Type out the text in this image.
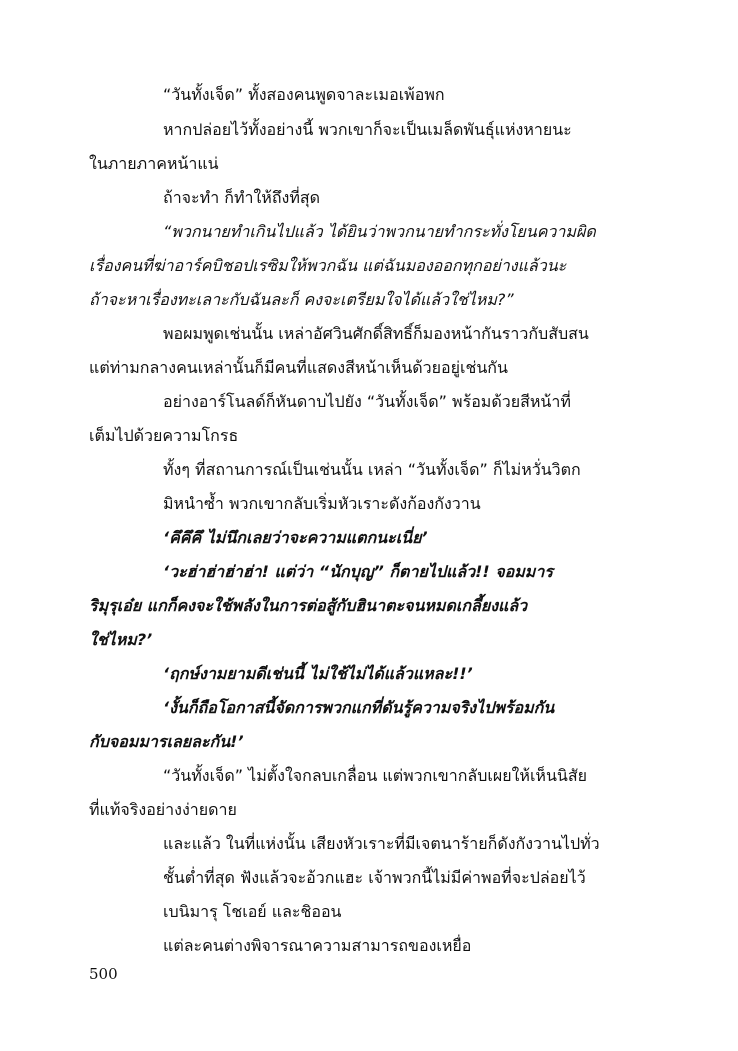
“วันทั้งเจ็ด” ทั้งสองคนพูดจาละเมอเพ้อพก
หากปล่อยไว้ทั้งอย่างนี้ พวกเขาก็จะเป็นเมล็ดพันธุ์แห่งหายนะ
ในภายภาคหน้าแน่
ถ้าจะทำ ก็ทำให้ถึงที่สุด
“พวกนายทำเกินไปแล้ว ได้ยินว่าพวกนายทำกระทั่งโยนความผิด
เรื่องคนที่ฆ่าอาร์คบิชอปเรซิมให้พวกฉัน แต่ฉันมองออกทุกอย่างแล้วนะ
ถ้าจะหาเรื่องทะเลาะกับฉันละก็ คงจะเตรียมใจได้แล้วใช่ไหม?”
พอผมพูดเช่นนั้น เหล่าอัศวินศักดิ์สิทธิ์ก็มองหน้ากันราวกับสับสน
แต่ท่ามกลางคนเหล่านั้นก็มีคนที่แสดงสีหน้าเห็นด้วยอยู่เช่นกัน
อย่างอาร์โนลด์ก็หันดาบไปยัง “วันทั้งเจ็ด” พร้อมด้วยสีหน้าที่
เต็มไปด้วยความโกรธ
ทั้งๆ ที่สถานการณ์เป็นเช่นนั้น เหล่า “วันทั้งเจ็ด” ก็ไม่หวั่นวิตก
มิหนำซ้ำ พวกเขากลับเริ่มหัวเราะดังก้องกังวาน
‘คึคึคึ ไม่นึกเลยว่าจะความแตกนะเนี่ย’
‘วะฮ่าฮ่าฮ่าฮ่า! แต่ว่า “นักบุญ” ก็ตายไปแล้ว!! จอมมาร
ริมุรุเอ๋ย แกก็คงจะใช้พลังในการต่อสู้กับฮินาตะจนหมดเกลี้ยงแล้ว
ใช่ไหม?’
‘ฤกษ์งามยามดีเช่นนี้ ไม่ใช้ไม่ได้แล้วแหละ!!’
‘งั้นก็ถือโอกาสนี้จัดการพวกแกที่ดันรู้ความจริงไปพร้อมกัน
กับจอมมารเลยละกัน!’
“วันทั้งเจ็ด” ไม่ตั้งใจกลบเกลื่อน แต่พวกเขากลับเผยให้เห็นนิสัย
ที่แท้จริงอย่างง่ายดาย
และแล้ว ในที่แห่งนั้น เสียงหัวเราะที่มีเจตนาร้ายก็ดังกังวานไปทั่ว
ชั้นต่ำที่สุด ฟังแล้วจะอ้วกแฮะ เจ้าพวกนี้ไม่มีค่าพอที่จะปล่อยไว้
เบนิมารุ โชเอย์ และชิออน
แต่ละคนต่างพิจารณาความสามารถของเหยื่อ
500
